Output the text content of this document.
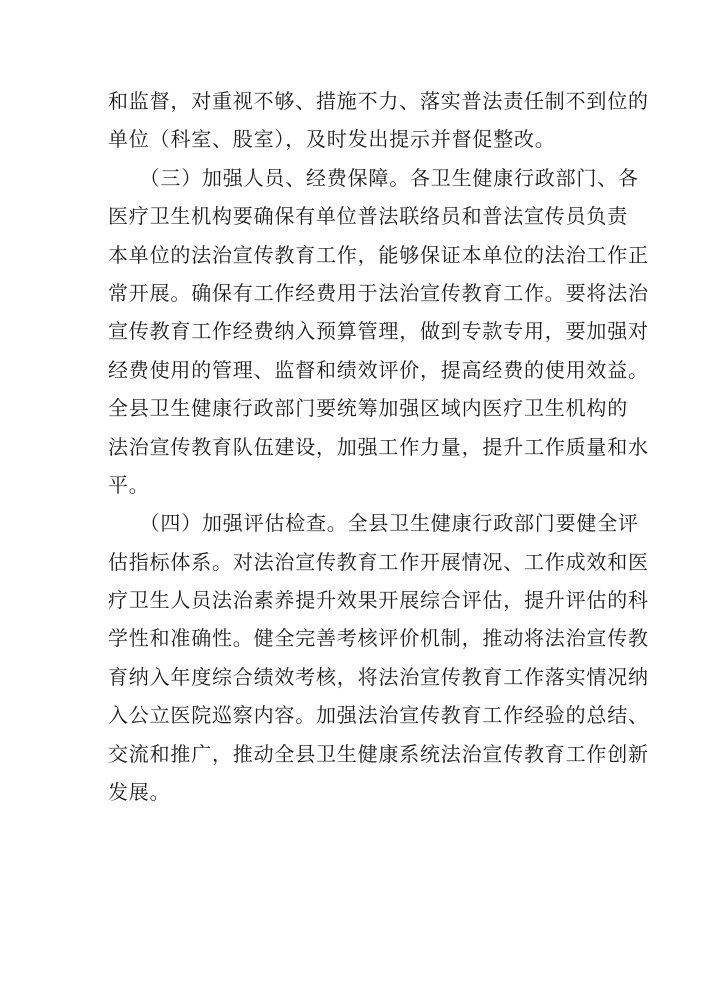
和监督，对重视不够、措施不力、落实普法责任制不到位的
单位（科室、股室），及时发出提示并督促整改。
　　（三）加强人员、经费保障。各卫生健康行政部门、各
医疗卫生机构要确保有单位普法联络员和普法宣传员负责
本单位的法治宣传教育工作，能够保证本单位的法治工作正
常开展。确保有工作经费用于法治宣传教育工作。要将法治
宣传教育工作经费纳入预算管理，做到专款专用，要加强对
经费使用的管理、监督和绩效评价，提高经费的使用效益。
全县卫生健康行政部门要统筹加强区域内医疗卫生机构的
法治宣传教育队伍建设，加强工作力量，提升工作质量和水
平。
　　（四）加强评估检查。全县卫生健康行政部门要健全评
估指标体系。对法治宣传教育工作开展情况、工作成效和医
疗卫生人员法治素养提升效果开展综合评估，提升评估的科
学性和准确性。健全完善考核评价机制，推动将法治宣传教
育纳入年度综合绩效考核，将法治宣传教育工作落实情况纳
入公立医院巡察内容。加强法治宣传教育工作经验的总结、
交流和推广，推动全县卫生健康系统法治宣传教育工作创新
发展。
